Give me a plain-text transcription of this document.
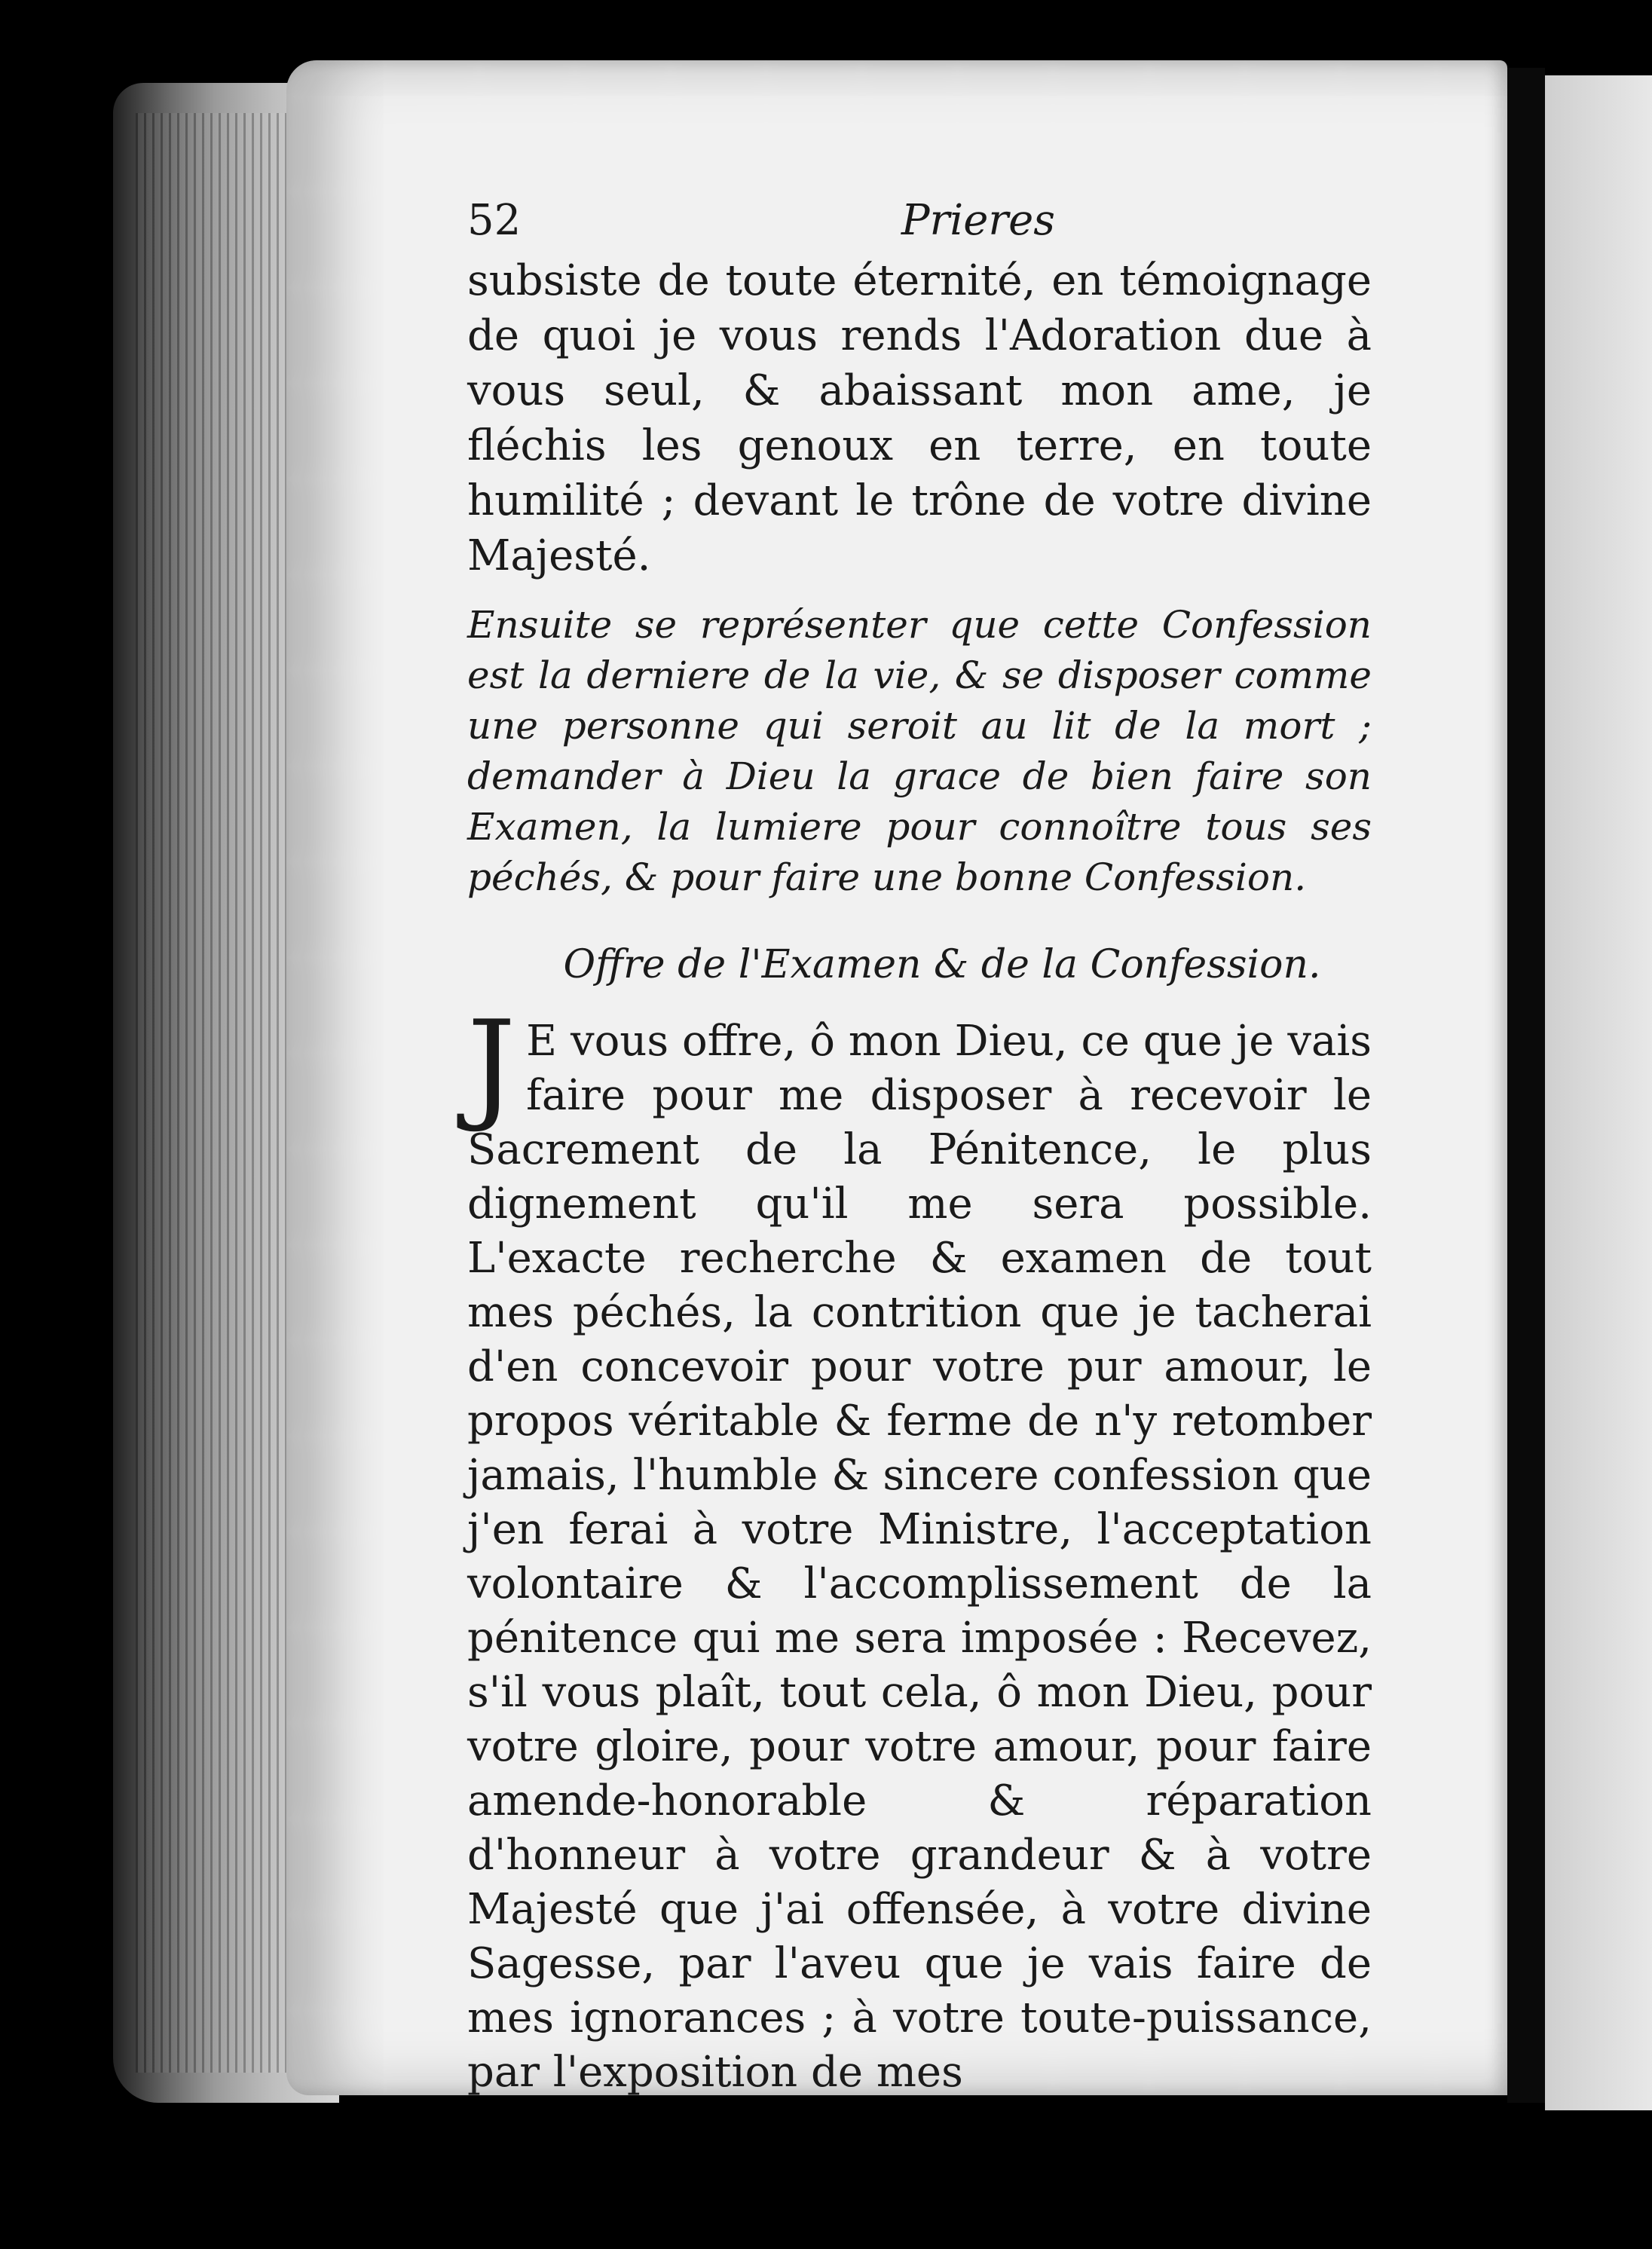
52	Prieres

subsiste de toute éternité, en témoignage de quoi je vous rends l'Adoration due à vous seul, & abaissant mon ame, je fléchis les genoux en terre, en toute humilité ; devant le trône de votre divine Majesté.

Ensuite se représenter que cette Confession est la derniere de la vie, & se disposer comme une personne qui seroit au lit de la mort ; demander à Dieu la grace de bien faire son Examen, la lumiere pour connoître tous ses péchés, & pour faire une bonne Confession.

Offre de l'Examen & de la Confession.
J E vous offre, ô mon Dieu, ce que je vais faire pour me disposer à recevoir le Sacrement de la Pénitence, le plus dignement qu'il me sera possible. L'exacte recherche & examen de tout mes péchés, la contrition que je tacherai d'en concevoir pour votre pur amour, le propos véritable & ferme de n'y retomber jamais, l'humble & sincere confession que j'en ferai à votre Ministre, l'acceptation volontaire & l'accomplissement de la pénitence qui me sera imposée : Recevez, s'il vous plaît, tout cela, ô mon Dieu, pour votre gloire, pour votre amour, pour faire amende-honorable & réparation d'honneur à votre grandeur & à votre Majesté que j'ai offensée, à votre divine Sagesse, par l'aveu que je vais faire de mes ignorances ; à votre toute-puissance, par l'exposition de mes
